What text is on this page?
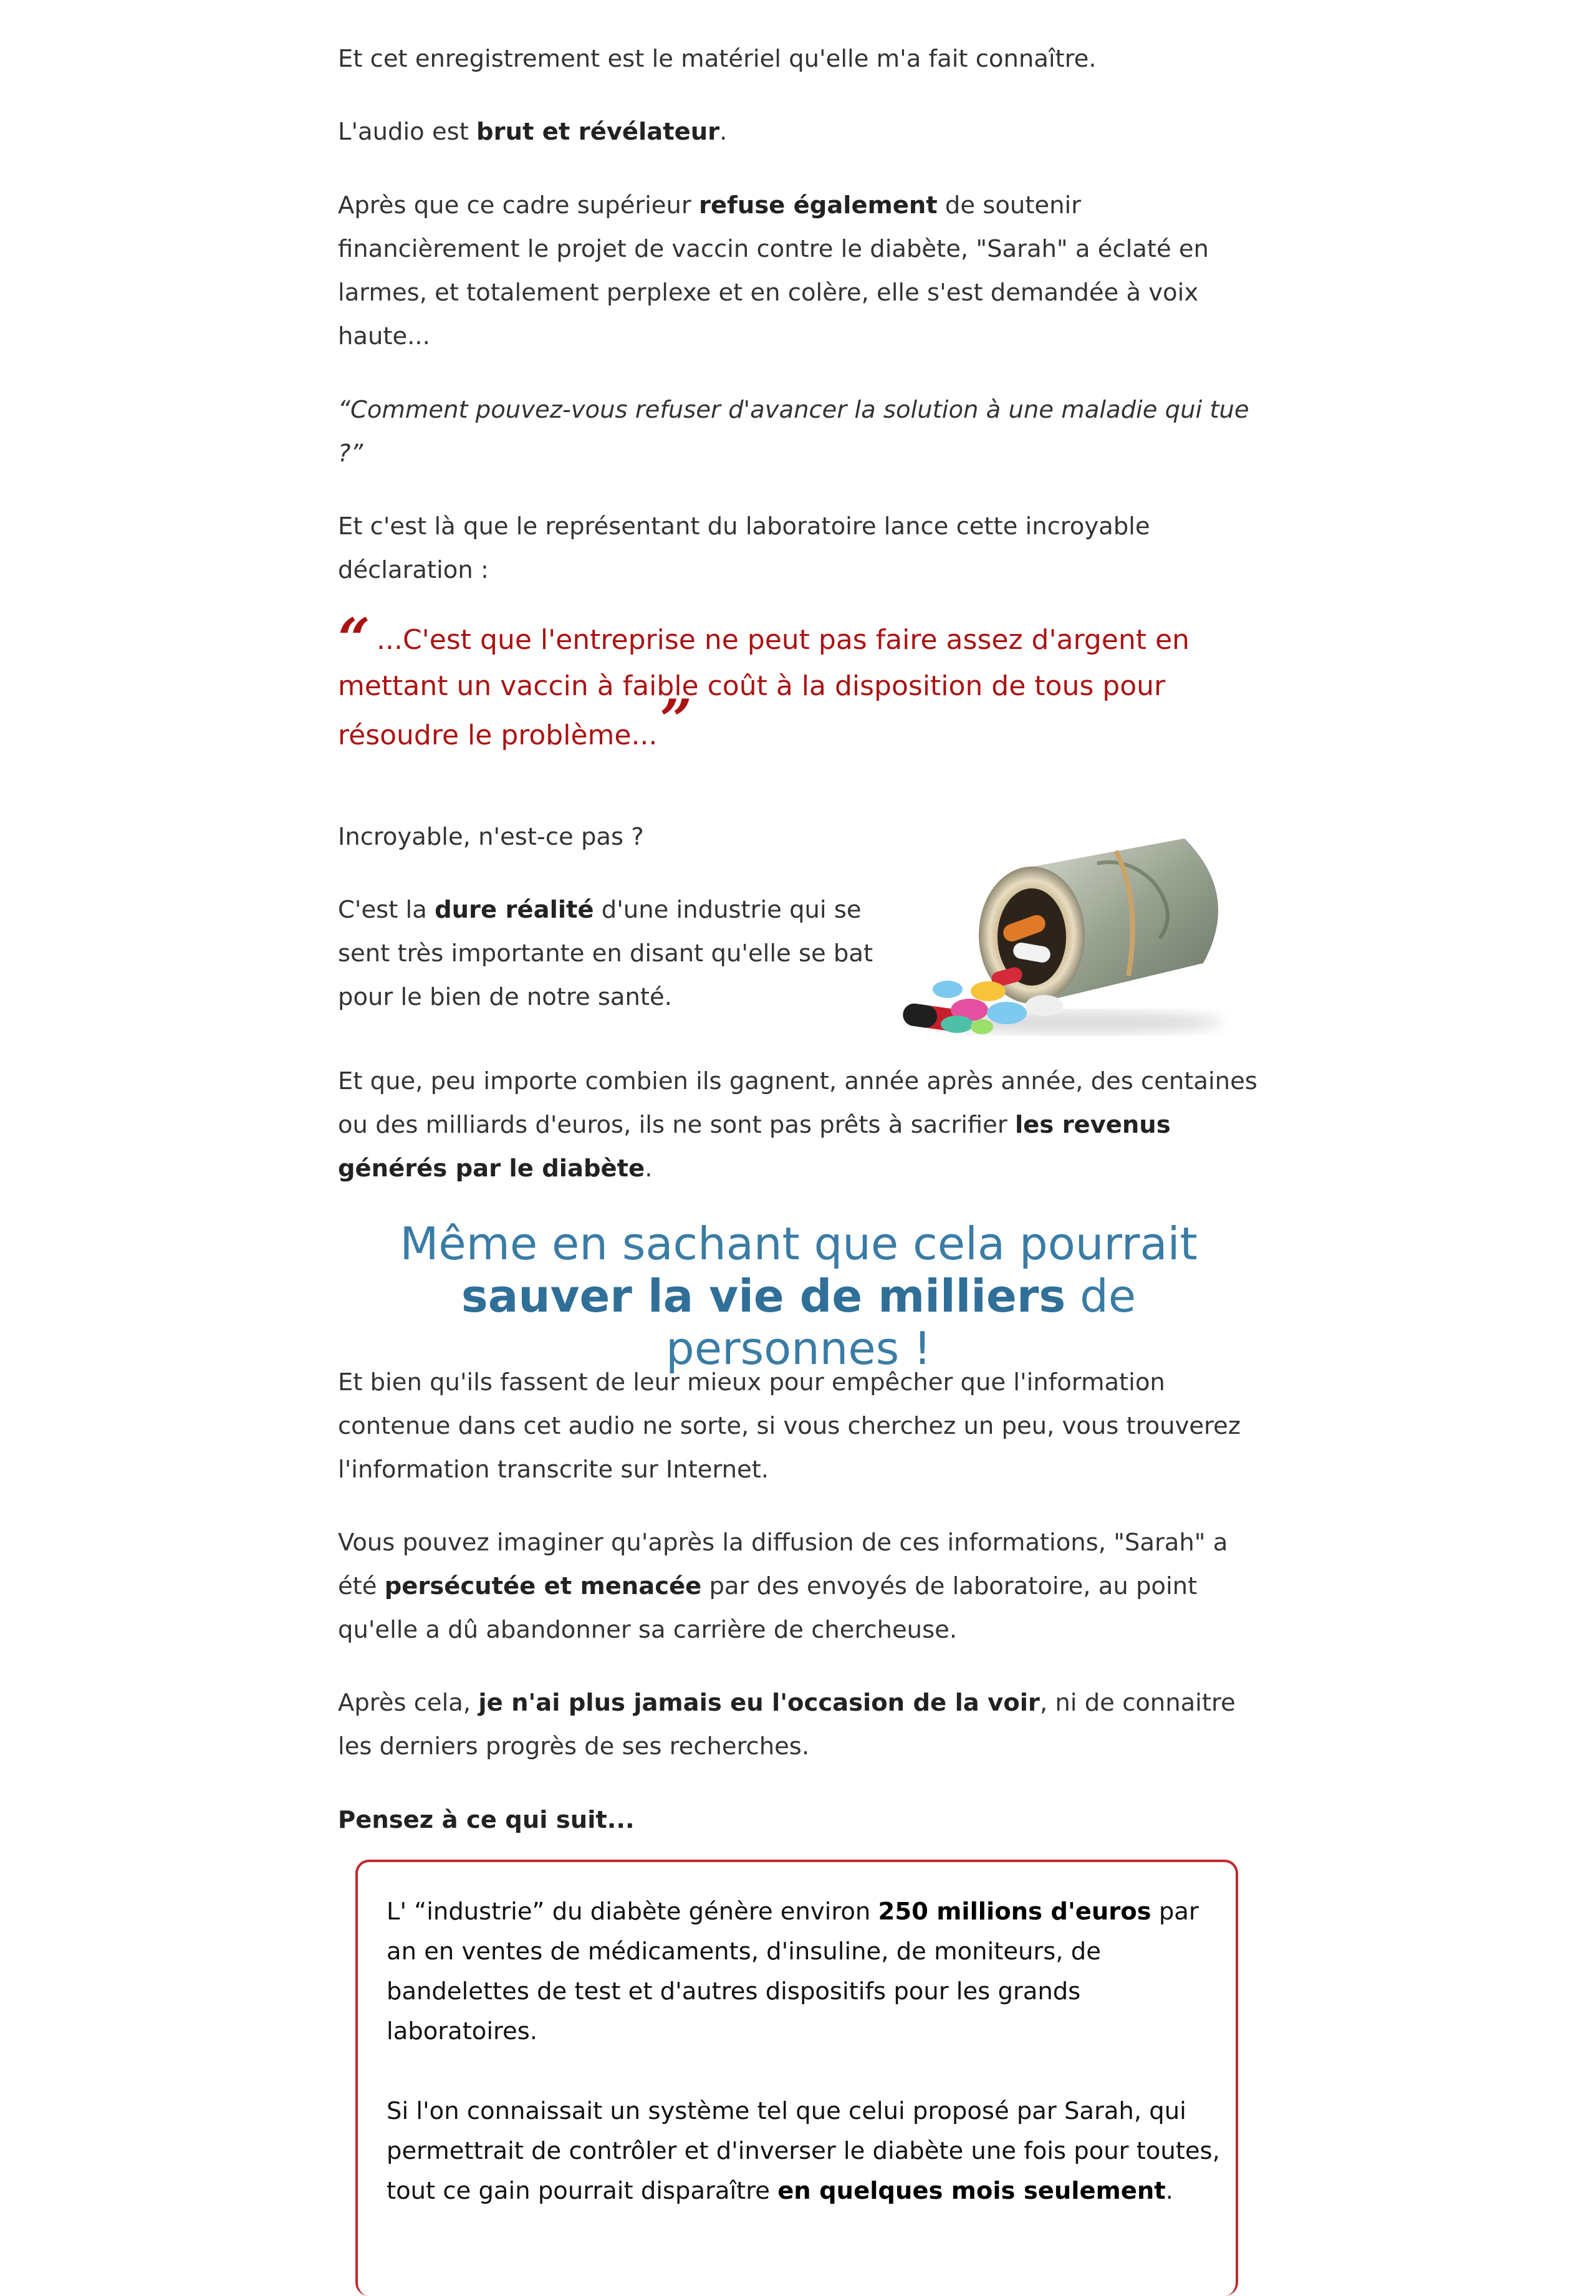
Et cet enregistrement est le matériel qu'elle m'a fait connaître.

L'audio est brut et révélateur.

Après que ce cadre supérieur refuse également de soutenir financièrement le projet de vaccin contre le diabète, "Sarah" a éclaté en larmes, et totalement perplexe et en colère, elle s'est demandée à voix haute...

“Comment pouvez-vous refuser d'avancer la solution à une maladie qui tue ?”

Et c'est là que le représentant du laboratoire lance cette incroyable déclaration :

“ ...C'est que l'entreprise ne peut pas faire assez d'argent en mettant un vaccin à faible coût à la disposition de tous pour résoudre le problème...”

Incroyable, n'est-ce pas ?

C'est la dure réalité d'une industrie qui se sent très importante en disant qu'elle se bat pour le bien de notre santé.

Et que, peu importe combien ils gagnent, année après année, des centaines ou des milliards d'euros, ils ne sont pas prêts à sacrifier les revenus générés par le diabète.

Même en sachant que cela pourrait sauver la vie de milliers de personnes !

Et bien qu'ils fassent de leur mieux pour empêcher que l'information contenue dans cet audio ne sorte, si vous cherchez un peu, vous trouverez l'information transcrite sur Internet.

Vous pouvez imaginer qu'après la diffusion de ces informations, "Sarah" a été persécutée et menacée par des envoyés de laboratoire, au point qu'elle a dû abandonner sa carrière de chercheuse.

Après cela, je n'ai plus jamais eu l'occasion de la voir, ni de connaitre les derniers progrès de ses recherches.

Pensez à ce qui suit...

L' “industrie” du diabète génère environ 250 millions d'euros par an en ventes de médicaments, d'insuline, de moniteurs, de bandelettes de test et d'autres dispositifs pour les grands laboratoires.

Si l'on connaissait un système tel que celui proposé par Sarah, qui permettrait de contrôler et d'inverser le diabète une fois pour toutes, tout ce gain pourrait disparaître en quelques mois seulement.
